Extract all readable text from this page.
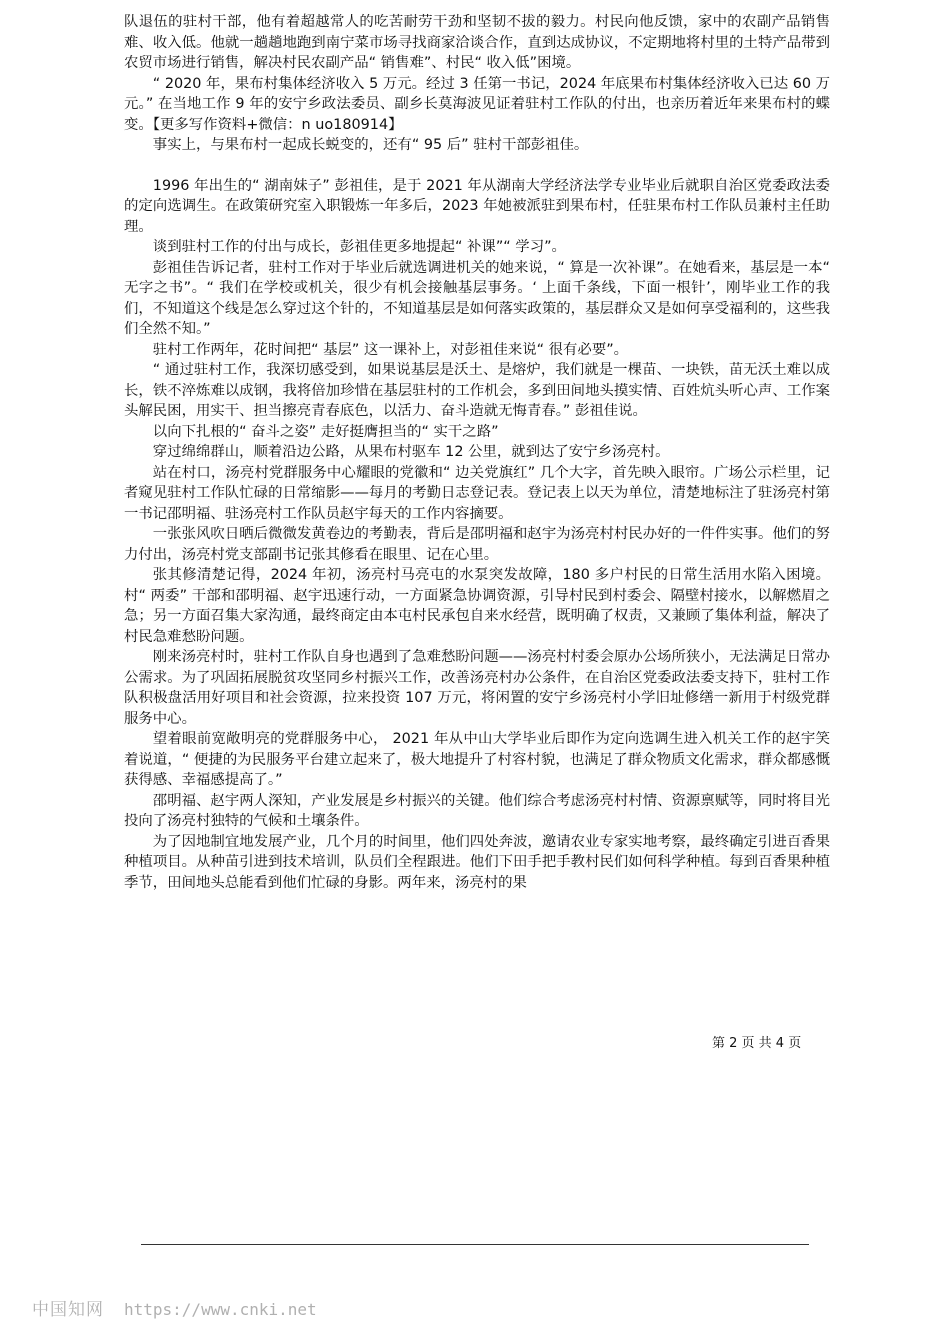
队退伍的驻村干部，他有着超越常人的吃苦耐劳干劲和坚韧不拔的毅力。村民向他反馈，家中的农副产品销售难、收入低。他就一趟趟地跑到南宁菜市场寻找商家洽谈合作，直到达成协议，不定期地将村里的土特产品带到农贸市场进行销售，解决村民农副产品“ 销售难”、村民“ 收入低”困境。

“ 2020 年，果布村集体经济收入 5 万元。经过 3 任第一书记，2024 年底果布村集体经济收入已达 60 万元。” 在当地工作 9 年的安宁乡政法委员、副乡长莫海波见证着驻村工作队的付出，也亲历着近年来果布村的蝶变。【更多写作资料+微信：n uo180914】

事实上，与果布村一起成长蜕变的，还有“ 95 后” 驻村干部彭祖佳。

1996 年出生的“ 湖南妹子” 彭祖佳，是于 2021 年从湖南大学经济法学专业毕业后就职自治区党委政法委的定向选调生。在政策研究室入职锻炼一年多后，2023 年她被派驻到果布村，任驻果布村工作队员兼村主任助理。

谈到驻村工作的付出与成长，彭祖佳更多地提起“ 补课”“ 学习”。

彭祖佳告诉记者，驻村工作对于毕业后就选调进机关的她来说，“ 算是一次补课”。在她看来，基层是一本“ 无字之书”。“ 我们在学校或机关，很少有机会接触基层事务。‘ 上面千条线，下面一根针’，刚毕业工作的我们，不知道这个线是怎么穿过这个针的，不知道基层是如何落实政策的，基层群众又是如何享受福利的，这些我们全然不知。”

驻村工作两年，花时间把“ 基层” 这一课补上，对彭祖佳来说“ 很有必要”。

“ 通过驻村工作，我深切感受到，如果说基层是沃土、是熔炉，我们就是一棵苗、一块铁，苗无沃土难以成长，铁不淬炼难以成钢，我将倍加珍惜在基层驻村的工作机会，多到田间地头摸实情、百姓炕头听心声、工作案头解民困，用实干、担当擦亮青春底色，以活力、奋斗造就无悔青春。” 彭祖佳说。

以向下扎根的“ 奋斗之姿” 走好挺膺担当的“ 实干之路”

穿过绵绵群山，顺着沿边公路，从果布村驱车 12 公里，就到达了安宁乡汤亮村。

站在村口，汤亮村党群服务中心耀眼的党徽和“ 边关党旗红” 几个大字，首先映入眼帘。广场公示栏里，记者窥见驻村工作队忙碌的日常缩影——每月的考勤日志登记表。登记表上以天为单位，清楚地标注了驻汤亮村第一书记邵明福、驻汤亮村工作队员赵宇每天的工作内容摘要。

一张张风吹日晒后微微发黄卷边的考勤表，背后是邵明福和赵宇为汤亮村村民办好的一件件实事。他们的努力付出，汤亮村党支部副书记张其修看在眼里、记在心里。

张其修清楚记得，2024 年初，汤亮村马亮屯的水泵突发故障，180 多户村民的日常生活用水陷入困境。村“ 两委” 干部和邵明福、赵宇迅速行动，一方面紧急协调资源，引导村民到村委会、隔壁村接水，以解燃眉之急；另一方面召集大家沟通，最终商定由本屯村民承包自来水经营，既明确了权责，又兼顾了集体利益，解决了村民急难愁盼问题。

刚来汤亮村时，驻村工作队自身也遇到了急难愁盼问题——汤亮村村委会原办公场所狭小，无法满足日常办公需求。为了巩固拓展脱贫攻坚同乡村振兴工作，改善汤亮村办公条件，在自治区党委政法委支持下，驻村工作队积极盘活用好项目和社会资源，拉来投资 107 万元，将闲置的安宁乡汤亮村小学旧址修缮一新用于村级党群服务中心。

望着眼前宽敞明亮的党群服务中心， 2021 年从中山大学毕业后即作为定向选调生进入机关工作的赵宇笑着说道，“ 便捷的为民服务平台建立起来了，极大地提升了村容村貌，也满足了群众物质文化需求，群众都感慨获得感、幸福感提高了。”

邵明福、赵宇两人深知，产业发展是乡村振兴的关键。他们综合考虑汤亮村村情、资源禀赋等，同时将目光投向了汤亮村独特的气候和土壤条件。

为了因地制宜地发展产业，几个月的时间里，他们四处奔波，邀请农业专家实地考察，最终确定引进百香果种植项目。从种苗引进到技术培训，队员们全程跟进。他们下田手把手教村民们如何科学种植。每到百香果种植季节，田间地头总能看到他们忙碌的身影。两年来，汤亮村的果

第 2 页 共 4 页
中国知网 https://www.cnki.net
